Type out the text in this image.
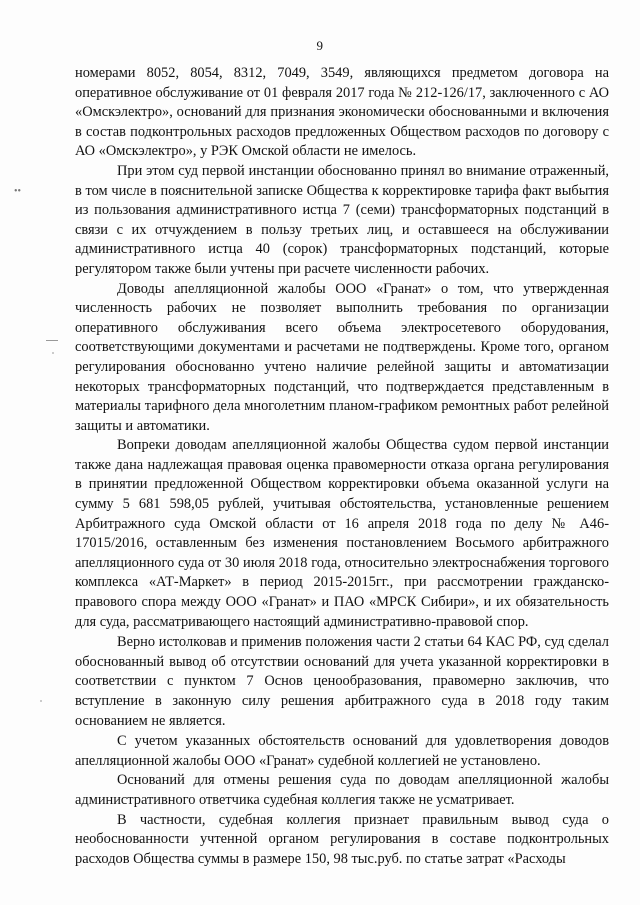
9
••

номерами 8052, 8054, 8312, 7049, 3549, являющихся предметом договора на оперативное обслуживание от 01 февраля 2017 года № 212-126/17, заключенного с АО «Омскэлектро», оснований для признания экономически обоснованными и включения в состав подконтрольных расходов предложенных Обществом расходов по договору с АО «Омскэлектро», у РЭК Омской области не имелось.

При этом суд первой инстанции обоснованно принял во внимание отраженный, в том числе в пояснительной записке Общества к корректировке тарифа факт выбытия из пользования административного истца 7 (семи) трансформаторных подстанций в связи с их отчуждением в пользу третьих лиц, и оставшееся на обслуживании административного истца 40 (сорок) трансформаторных подстанций, которые регулятором также были учтены при расчете численности рабочих.

Доводы апелляционной жалобы ООО «Гранат» о том, что утвержденная численность рабочих не позволяет выполнить требования по организации оперативного обслуживания всего объема электросетевого оборудования, соответствующими документами и расчетами не подтверждены. Кроме того, органом регулирования обоснованно учтено наличие релейной защиты и автоматизации некоторых трансформаторных подстанций, что подтверждается представленным в материалы тарифного дела многолетним планом-графиком ремонтных работ релейной защиты и автоматики.

Вопреки доводам апелляционной жалобы Общества судом первой инстанции также дана надлежащая правовая оценка правомерности отказа органа регулирования в принятии предложенной Обществом корректировки объема оказанной услуги на сумму 5 681 598,05 рублей, учитывая обстоятельства, установленные решением Арбитражного суда Омской области от 16 апреля 2018 года по делу № А46-17015/2016, оставленным без изменения постановлением Восьмого арбитражного апелляционного суда от 30 июля 2018 года, относительно электроснабжения торгового комплекса «АТ-Маркет» в период 2015-2015гг., при рассмотрении гражданско-правового спора между ООО «Гранат» и ПАО «МРСК Сибири», и их обязательность для суда, рассматривающего настоящий административно-правовой спор.

Верно истолковав и применив положения части 2 статьи 64 КАС РФ, суд сделал обоснованный вывод об отсутствии оснований для учета указанной корректировки в соответствии с пунктом 7 Основ ценообразования, правомерно заключив, что вступление в законную силу решения арбитражного суда в 2018 году таким основанием не является.

С учетом указанных обстоятельств оснований для удовлетворения доводов апелляционной жалобы ООО «Гранат» судебной коллегией не установлено.

Оснований для отмены решения суда по доводам апелляционной жалобы административного ответчика судебная коллегия также не усматривает.

В частности, судебная коллегия признает правильным вывод суда о необоснованности учтенной органом регулирования в составе подконтрольных расходов Общества суммы в размере 150, 98 тыс.руб. по статье затрат «Расходы
